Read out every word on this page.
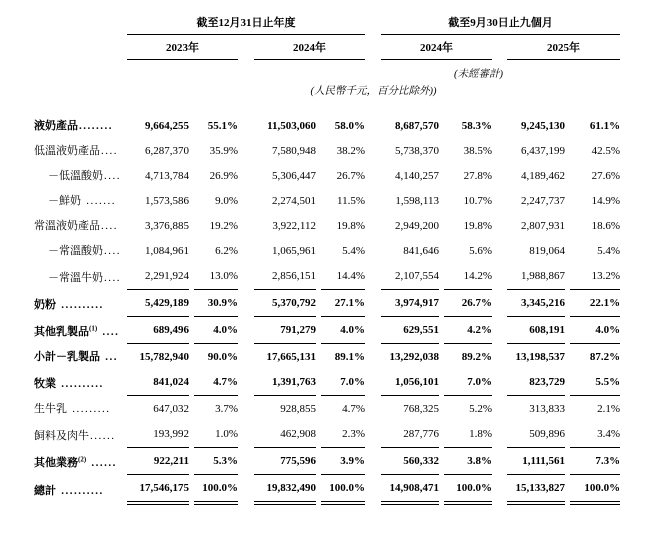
		截至12月31日止年度								截至9月30日止九個月						
		2023年				2024年				2024年				2025年		
										(未經審計)						
		(人民幣千元，百分比除外))														
液奶產品........		9,664,255		55.1%		11,503,060		58.0%		8,687,570		58.3%		9,245,130		61.1%
低溫液奶產品....		6,287,370		35.9%		7,580,948		38.2%		5,738,370		38.5%		6,437,199		42.5%
－低溫酸奶....		4,713,784		26.9%		5,306,447		26.7%		4,140,257		27.8%		4,189,462		27.6%
－鮮奶 .......		1,573,586		9.0%		2,274,501		11.5%		1,598,113		10.7%		2,247,737		14.9%
常溫液奶產品....		3,376,885		19.2%		3,922,112		19.8%		2,949,200		19.8%		2,807,931		18.6%
－常溫酸奶....		1,084,961		6.2%		1,065,961		5.4%		841,646		5.6%		819,064		5.4%
－常溫牛奶....		2,291,924		13.0%		2,856,151		14.4%		2,107,554		14.2%		1,988,867		13.2%
奶粉 ..........		5,429,189		30.9%		5,370,792		27.1%		3,974,917		26.7%		3,345,216		22.1%
其他乳製品$^{(1)}$ ....		689,496		4.0%		791,279		4.0%		629,551		4.2%		608,191		4.0%
小計－乳製品 ...		15,782,940		90.0%		17,665,131		89.1%		13,292,038		89.2%		13,198,537		87.2%
牧業 ..........		841,024		4.7%		1,391,763		7.0%		1,056,101		7.0%		823,729		5.5%
生牛乳 .........		647,032		3.7%		928,855		4.7%		768,325		5.2%		313,833		2.1%
飼料及肉牛......		193,992		1.0%		462,908		2.3%		287,776		1.8%		509,896		3.4%
其他業務$^{(2)}$ ......		922,211		5.3%		775,596		3.9%		560,332		3.8%		1,111,561		7.3%
總計 ..........		17,546,175		100.0%		19,832,490		100.0%		14,908,471		100.0%		15,133,827		100.0%
